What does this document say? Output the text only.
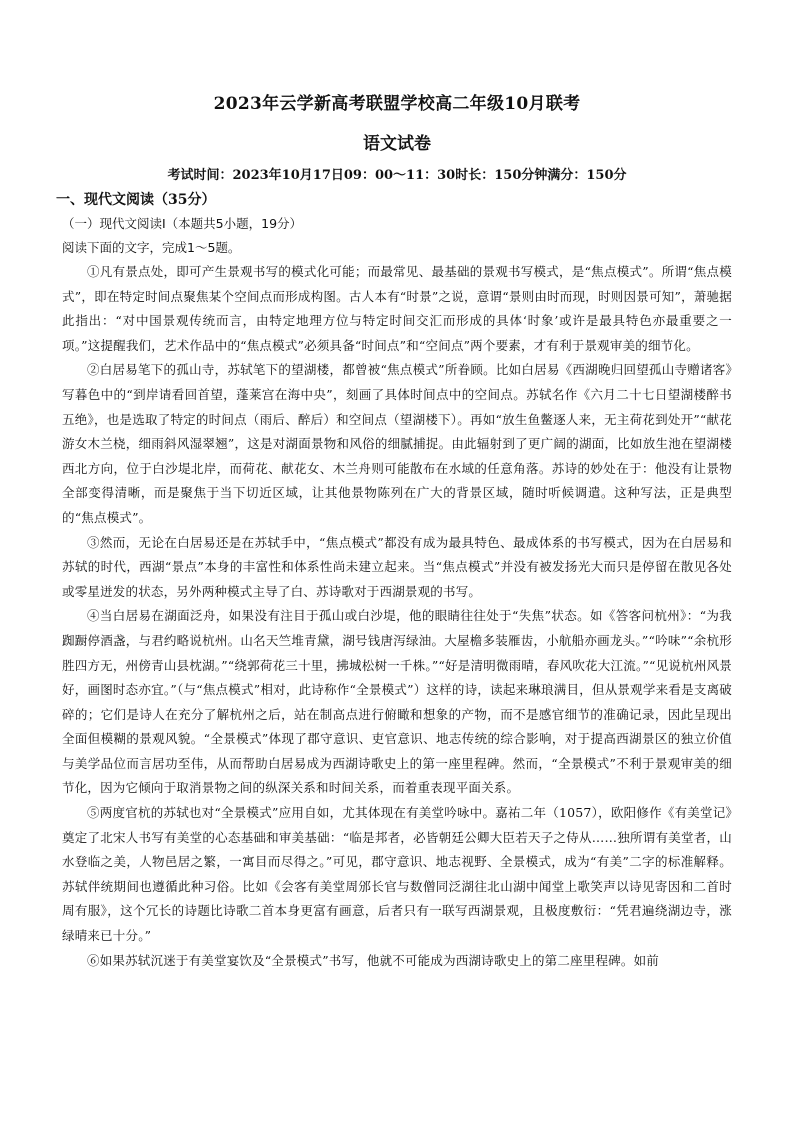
2023年云学新高考联盟学校高二年级10月联考
语文试卷

考试时间：2023年10月17日09：00～11：30时长：150分钟满分：150分

一、现代文阅读（35分）

（一）现代文阅读Ⅰ（本题共5小题，19分）

阅读下面的文字，完成1～5题。

①凡有景点处，即可产生景观书写的模式化可能；而最常见、最基础的景观书写模式，是“焦点模式”。所谓“焦点模式”，即在特定时间点聚焦某个空间点而形成构图。古人本有“时景”之说，意谓“景则由时而现，时则因景可知”，萧驰据此指出：“对中国景观传统而言，由特定地理方位与特定时间交汇而形成的具体‘时象’或许是最具特色亦最重要之一项。”这提醒我们，艺术作品中的“焦点模式”必须具备“时间点”和“空间点”两个要素，才有利于景观审美的细节化。

②白居易笔下的孤山寺，苏轼笔下的望湖楼，都曾被“焦点模式”所眷顾。比如白居易《西湖晚归回望孤山寺赠诸客》写暮色中的“到岸请看回首望，蓬莱宫在海中央”，刻画了具体时间点中的空间点。苏轼名作《六月二十七日望湖楼醉书五绝》，也是选取了特定的时间点（雨后、醉后）和空间点（望湖楼下）。再如“放生鱼鳖逐人来，无主荷花到处开”“献花游女木兰桡，细雨斜风湿翠翘”，这是对湖面景物和风俗的细腻捕捉。由此辐射到了更广阔的湖面，比如放生池在望湖楼西北方向，位于白沙堤北岸，而荷花、献花女、木兰舟则可能散布在水域的任意角落。苏诗的妙处在于：他没有让景物全部变得清晰，而是聚焦于当下切近区域，让其他景物陈列在广大的背景区域，随时听候调遣。这种写法，正是典型的“焦点模式”。

③然而，无论在白居易还是在苏轼手中，“焦点模式”都没有成为最具特色、最成体系的书写模式，因为在白居易和苏轼的时代，西湖“景点”本身的丰富性和体系性尚未建立起来。当“焦点模式”并没有被发扬光大而只是停留在散见各处或零星迸发的状态，另外两种模式主导了白、苏诗歌对于西湖景观的书写。

④当白居易在湖面泛舟，如果没有注目于孤山或白沙堤，他的眼睛往往处于“失焦”状态。如《答客问杭州》：“为我踟蹰停酒盏，与君约略说杭州。山名天竺堆青黛，湖号钱唐泻绿油。大屋檐多装雁齿，小航船亦画龙头。”“吟味”“余杭形胜四方无，州傍青山县枕湖。”“绕郭荷花三十里，拂城松树一千株。”“好是清明微雨晴，春风吹花大江流。”“见说杭州风景好，画图时态亦宜。”（与“焦点模式”相对，此诗称作“全景模式”）这样的诗，读起来琳琅满目，但从景观学来看是支离破碎的；它们是诗人在充分了解杭州之后，站在制高点进行俯瞰和想象的产物，而不是感官细节的准确记录，因此呈现出全面但模糊的景观风貌。“全景模式”体现了郡守意识、吏官意识、地志传统的综合影响，对于提高西湖景区的独立价值与美学品位而言居功至伟，从而帮助白居易成为西湖诗歌史上的第一座里程碑。然而，“全景模式”不利于景观审美的细节化，因为它倾向于取消景物之间的纵深关系和时间关系，而着重表现平面关系。

⑤两度官杭的苏轼也对“全景模式”应用自如，尤其体现在有美堂吟咏中。嘉祐二年（1057），欧阳修作《有美堂记》奠定了北宋人书写有美堂的心态基础和审美基础：“临是邦者，必皆朝廷公卿大臣若天子之侍从……独所谓有美堂者，山水登临之美，人物邑居之繁，一寓目而尽得之。”可见，郡守意识、地志视野、全景模式，成为“有美”二字的标准解释。苏轼伴统期间也遵循此种习俗。比如《会客有美堂周邠长官与数僧同泛湖往北山湖中闻堂上歌笑声以诗见寄因和二首时周有服》，这个冗长的诗题比诗歌二首本身更富有画意，后者只有一联写西湖景观，且极度敷衍：“凭君遍绕湖边寺，涨绿晴来已十分。”

⑥如果苏轼沉迷于有美堂宴饮及“全景模式”书写，他就不可能成为西湖诗歌史上的第二座里程碑。如前
